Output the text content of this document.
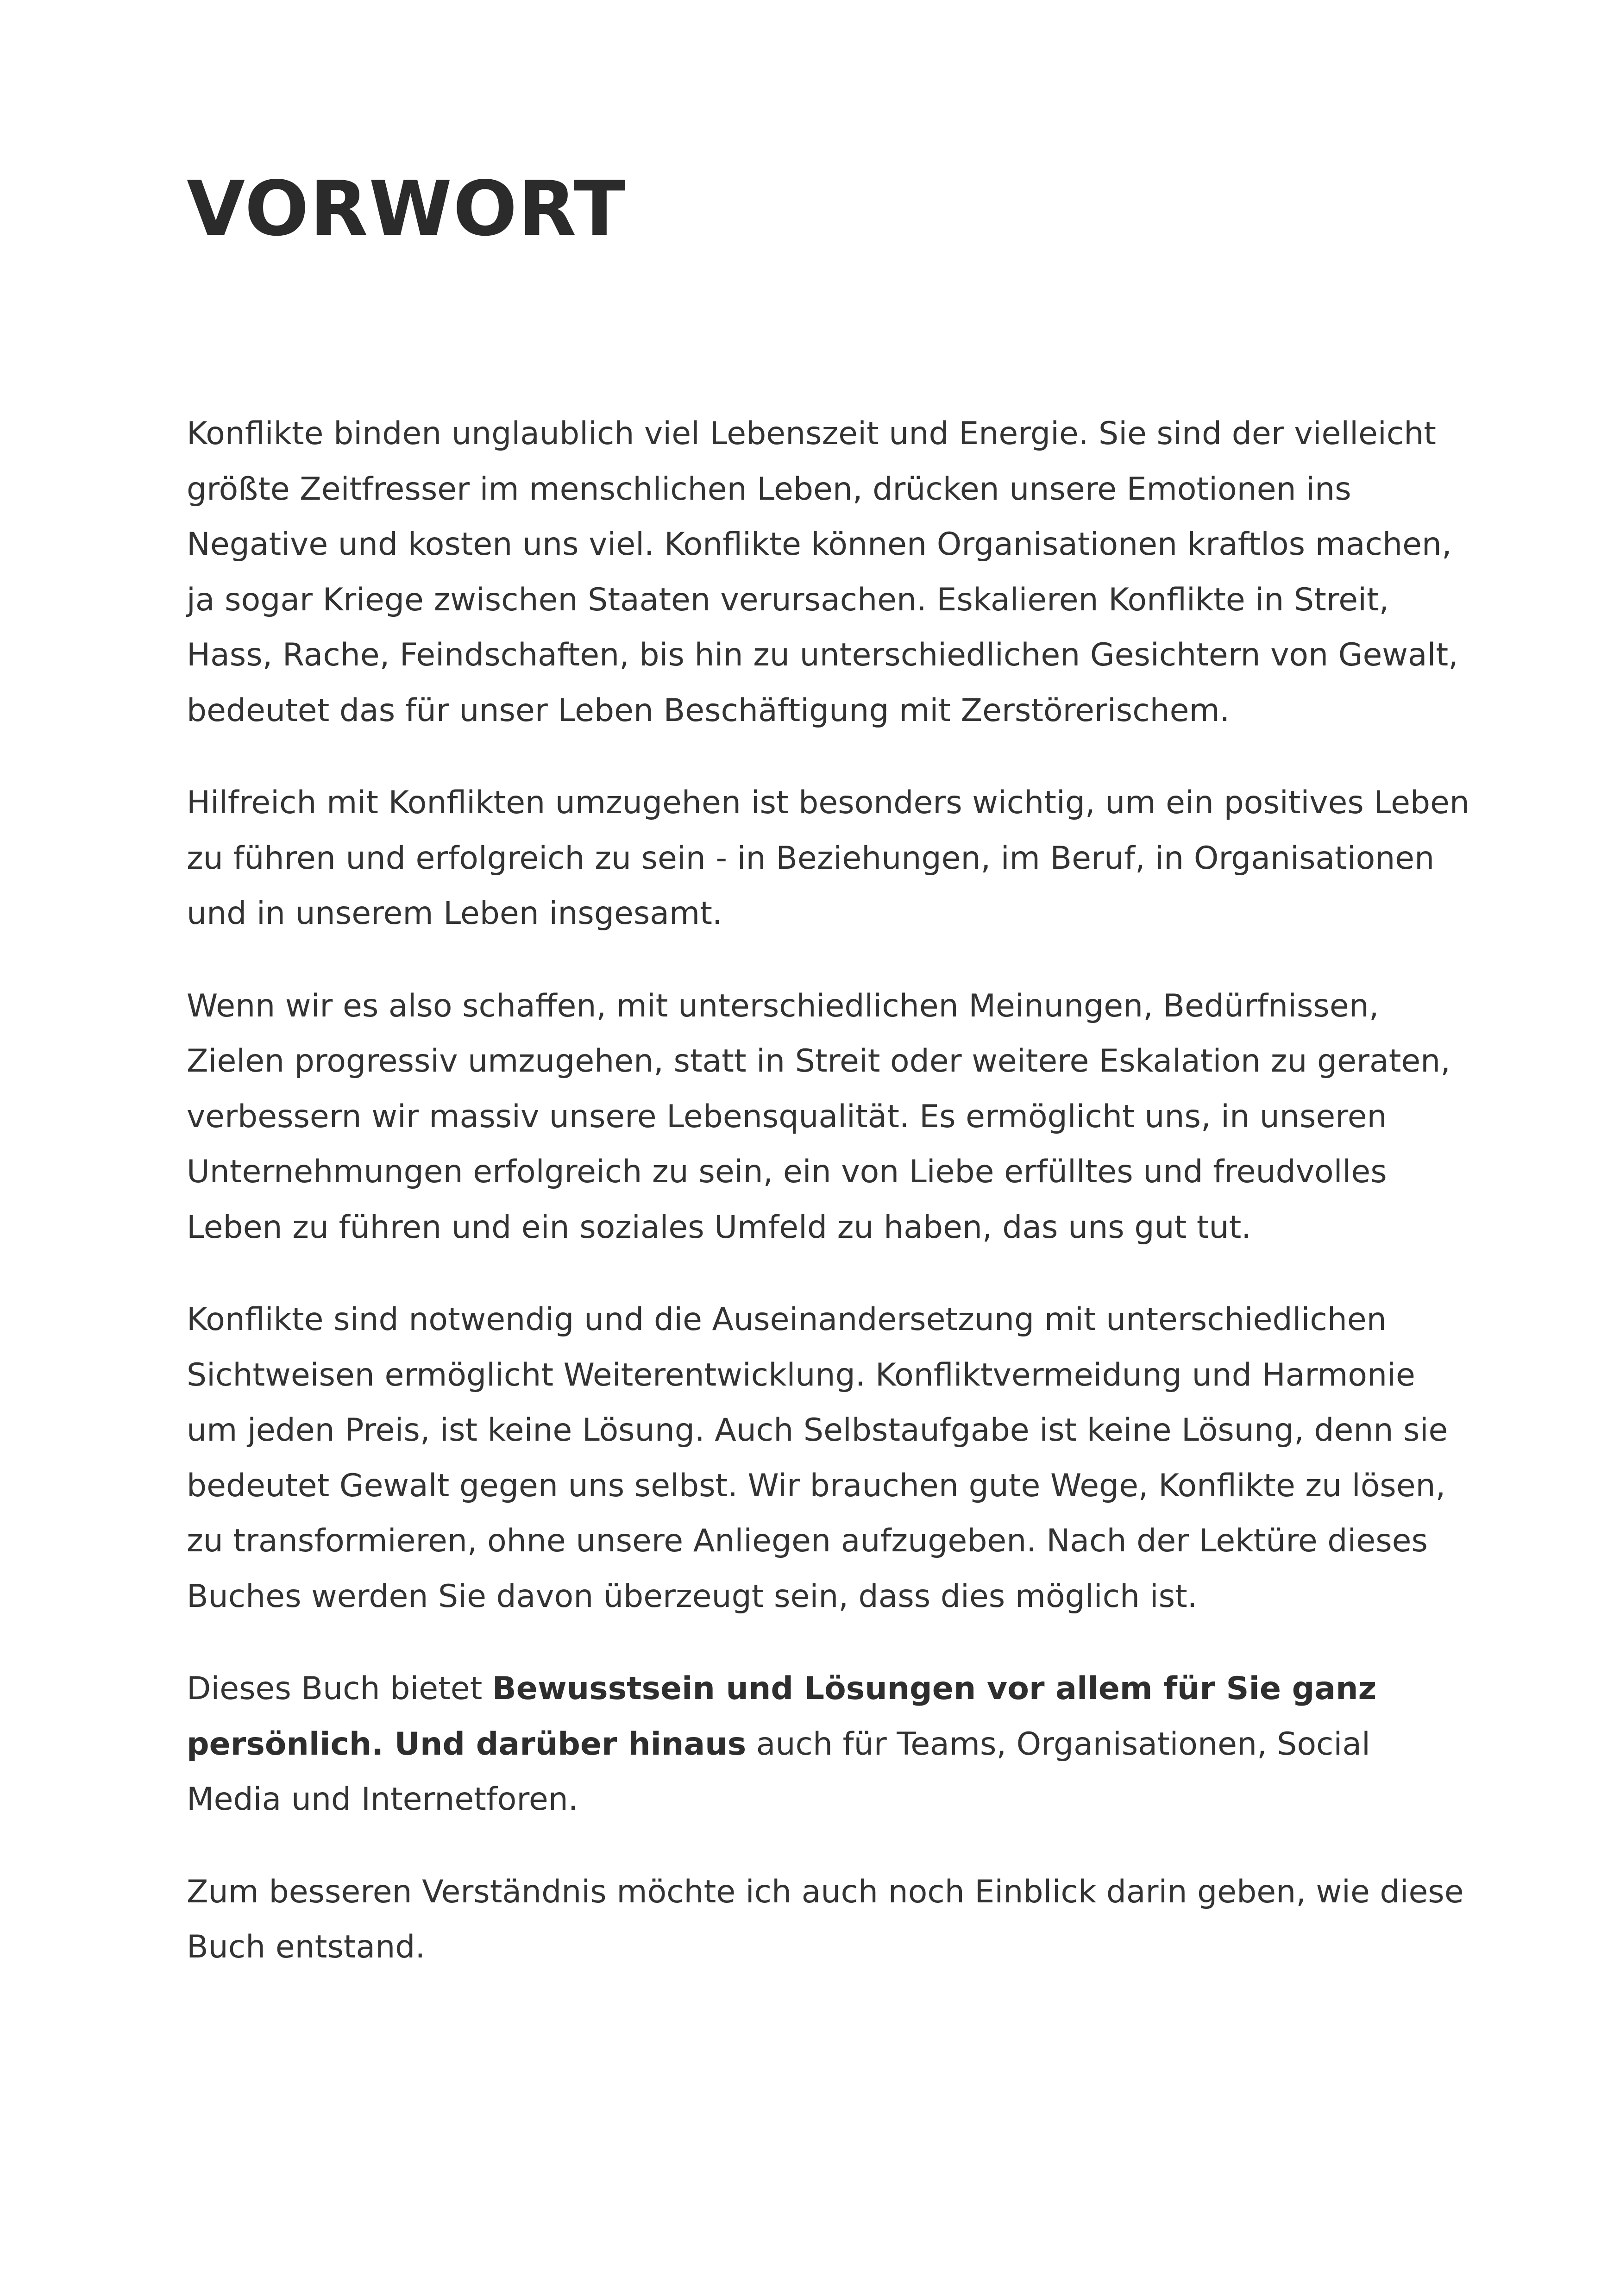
VORWORT

Konflikte binden unglaublich viel Lebenszeit und Energie. Sie sind der vielleicht größte Zeitfresser im menschlichen Leben, drücken unsere Emotionen ins Negative und kosten uns viel. Konflikte können Organisationen kraftlos machen, ja sogar Kriege zwischen Staaten verursachen. Eskalieren Konflikte in Streit, Hass, Rache, Feindschaften, bis hin zu unterschiedlichen Gesichtern von Gewalt, bedeutet das für unser Leben Beschäftigung mit Zerstörerischem.

Hilfreich mit Konflikten umzugehen ist besonders wichtig, um ein positives Leben zu führen und erfolgreich zu sein - in Beziehungen, im Beruf, in Organisationen und in unserem Leben insgesamt.

Wenn wir es also schaffen, mit unterschiedlichen Meinungen, Bedürfnissen, Zielen progressiv umzugehen, statt in Streit oder weitere Eskalation zu geraten, verbessern wir massiv unsere Lebensqualität. Es ermöglicht uns, in unseren Unternehmungen erfolgreich zu sein, ein von Liebe erfülltes und freudvolles Leben zu führen und ein soziales Umfeld zu haben, das uns gut tut.

Konflikte sind notwendig und die Auseinandersetzung mit unterschiedlichen Sichtweisen ermöglicht Weiterentwicklung. Konfliktvermeidung und Harmonie um jeden Preis, ist keine Lösung. Auch Selbstaufgabe ist keine Lösung, denn sie bedeutet Gewalt gegen uns selbst. Wir brauchen gute Wege, Konflikte zu lösen, zu transformieren, ohne unsere Anliegen aufzugeben. Nach der Lektüre dieses Buches werden Sie davon überzeugt sein, dass dies möglich ist.

Dieses Buch bietet Bewusstsein und Lösungen vor allem für Sie ganz persönlich. Und darüber hinaus auch für Teams, Organisationen, Social Media und Internetforen.

Zum besseren Verständnis möchte ich auch noch Einblick darin geben, wie diese Buch entstand.
